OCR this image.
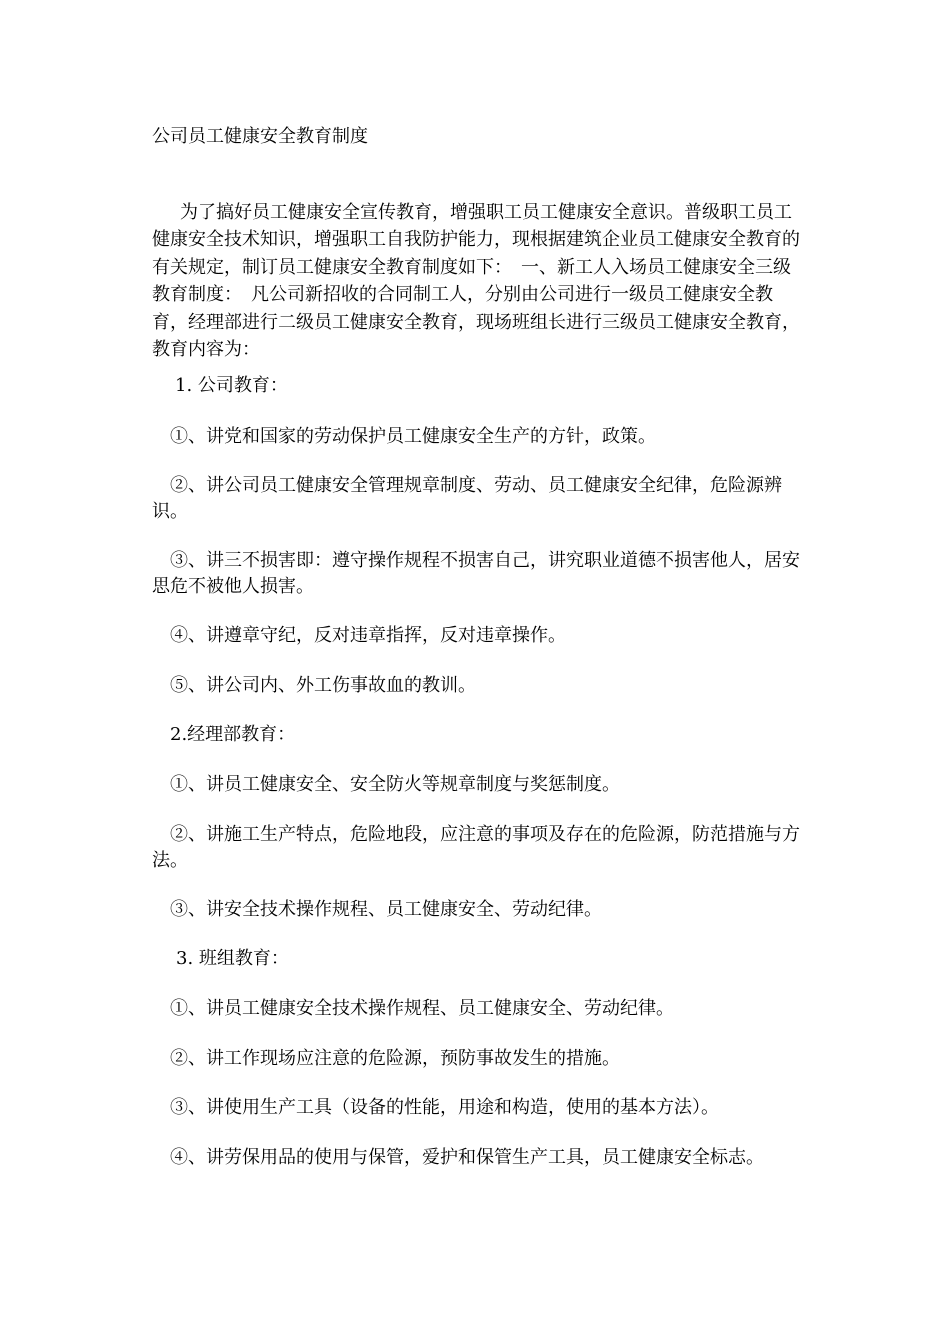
公司员工健康安全教育制度

为了搞好员工健康安全宣传教育，增强职工员工健康安全意识。普级职工员工健康安全技术知识，增强职工自我防护能力，现根据建筑企业员工健康安全教育的有关规定，制订员工健康安全教育制度如下：　一、新工人入场员工健康安全三级教育制度：　凡公司新招收的合同制工人，分别由公司进行一级员工健康安全教育，经理部进行二级员工健康安全教育，现场班组长进行三级员工健康安全教育，教育内容为：

1. 公司教育：

①、讲党和国家的劳动保护员工健康安全生产的方针，政策。

②、讲公司员工健康安全管理规章制度、劳动、员工健康安全纪律，危险源辨识。

③、讲三不损害即：遵守操作规程不损害自己，讲究职业道德不损害他人，居安思危不被他人损害。

④、讲遵章守纪，反对违章指挥，反对违章操作。

⑤、讲公司内、外工伤事故血的教训。

2.经理部教育：

①、讲员工健康安全、安全防火等规章制度与奖惩制度。

②、讲施工生产特点，危险地段，应注意的事项及存在的危险源，防范措施与方法。

③、讲安全技术操作规程、员工健康安全、劳动纪律。

3. 班组教育：

①、讲员工健康安全技术操作规程、员工健康安全、劳动纪律。

②、讲工作现场应注意的危险源，预防事故发生的措施。

③、讲使用生产工具（设备的性能，用途和构造，使用的基本方法）。

④、讲劳保用品的使用与保管，爱护和保管生产工具，员工健康安全标志。
